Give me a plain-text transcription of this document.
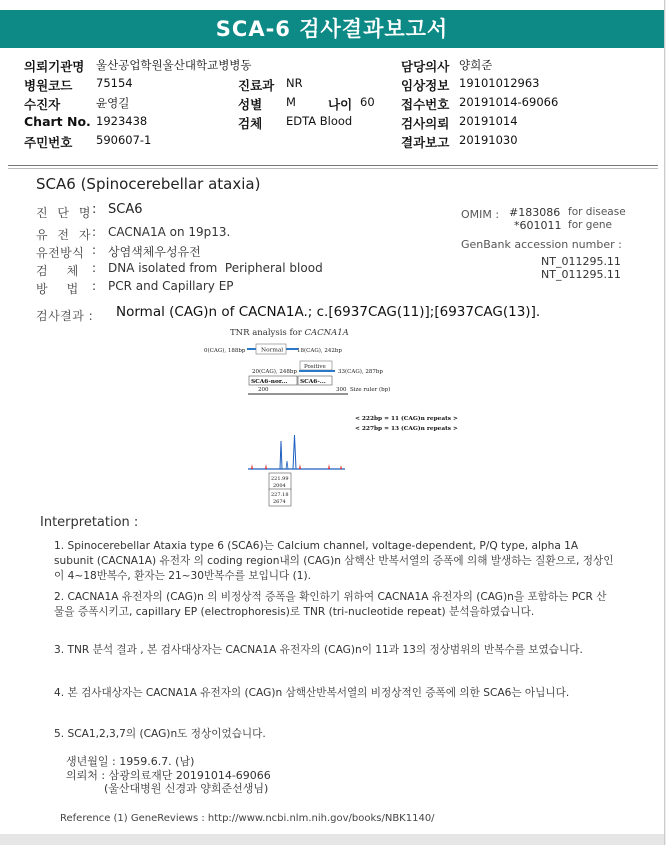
SCA-6 검사결과보고서
의뢰기관명 울산공업학원울산대학교병병동
병원코드 75154
수진자	윤영길
Chart No. 1923438
주민번호 590607-1
진료과 NR
성별 M	나이 60
검체 EDTA Blood
담당의사 양희준
임상정보 19101012963
접수번호 20191014-69066
검사의뢰 20191014
결과보고 20191030
SCA6 (Spinocerebellar ataxia)
진 단 명
: SCA6
유 전 자
: CACNA1A on 19p13.
유전방식 : 상염색체우성유전
검     체 : DNA isolated from  Peripheral blood
방     법 : PCR and Capillary EP
OMIM : #183086 for disease
*601011 for gene
GenBank accession number :
NT_011295.11
NT_011295.11
검사결과 : Normal (CAG)n of CACNA1A.; c.[6937CAG(11)];[6937CAG(13)].
TNR analysis for CACNA1A
0(CAG), 188bp	Normal	18(CAG), 242bp
Positive
20(CAG), 248bp	33(CAG), 287bp
SCA6-nor... SCA6-...
200	300 Size ruler (bp)
< 222bp = 11 (CAG)n repeats >
< 227bp = 13 (CAG)n repeats >
221.99
2004
227.18
2674
Interpretation :
1. Spinocerebellar Ataxia type 6 (SCA6)는 Calcium channel, voltage-dependent, P/Q type, alpha 1A subunit (CACNA1A) 유전자 의 coding region내의 (CAG)n 삼핵산 반복서열의 증폭에 의해 발생하는 질환으로, 정상인이 4~18반복수, 환자는 21~30반복수를 보입니다 (1).
2. CACNA1A 유전자의 (CAG)n 의 비정상적 증폭을 확인하기 위하여 CACNA1A 유전자의 (CAG)n을 포함하는 PCR 산물을 증폭시키고, capillary EP (electrophoresis)로 TNR (tri-nucleotide repeat) 분석을하였습니다.
3. TNR 분석 결과 , 본 검사대상자는 CACNA1A 유전자의 (CAG)n이 11과 13의 정상범위의 반복수를 보였습니다.
4. 본 검사대상자는 CACNA1A 유전자의 (CAG)n 삼핵산반복서열의 비정상적인 증폭에 의한 SCA6는 아닙니다.
5. SCA1,2,3,7의 (CAG)n도 정상이었습니다.
생년월일 : 1959.6.7. (남)
의뢰처 : 삼광의료재단 20191014-69066
(울산대병원 신경과 양희준선생님)
Reference (1) GeneReviews : http://www.ncbi.nlm.nih.gov/books/NBK1140/
